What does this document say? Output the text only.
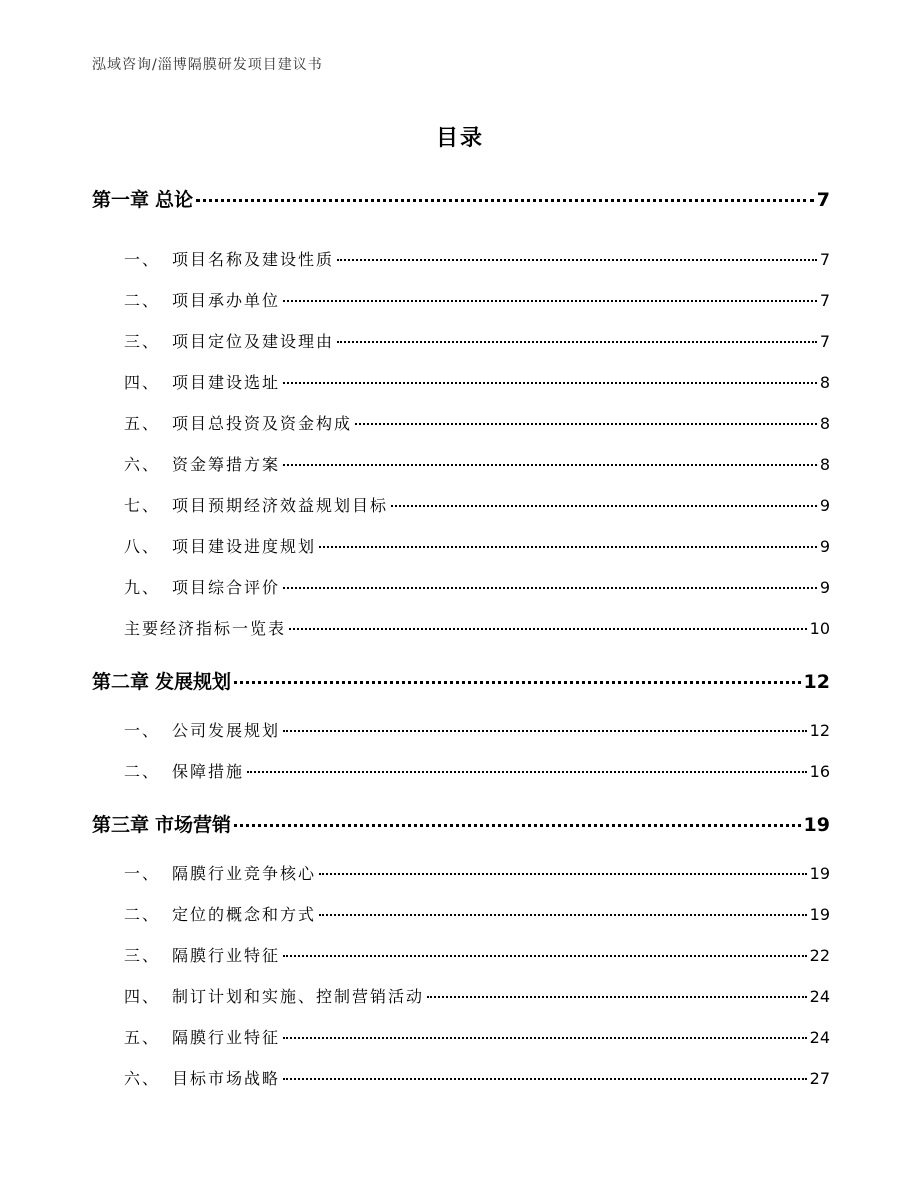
泓域咨询/淄博隔膜研发项目建议书
目录
第一章 总论	7
一、 项目名称及建设性质	7
二、 项目承办单位	7
三、 项目定位及建设理由	7
四、 项目建设选址	8
五、 项目总投资及资金构成	8
六、 资金筹措方案	8
七、 项目预期经济效益规划目标	9
八、 项目建设进度规划	9
九、 项目综合评价	9
主要经济指标一览表	10
第二章 发展规划	12
一、 公司发展规划	12
二、 保障措施	16
第三章 市场营销	19
一、 隔膜行业竞争核心	19
二、 定位的概念和方式	19
三、 隔膜行业特征	22
四、 制订计划和实施、控制营销活动	24
五、 隔膜行业特征	24
六、 目标市场战略	27
